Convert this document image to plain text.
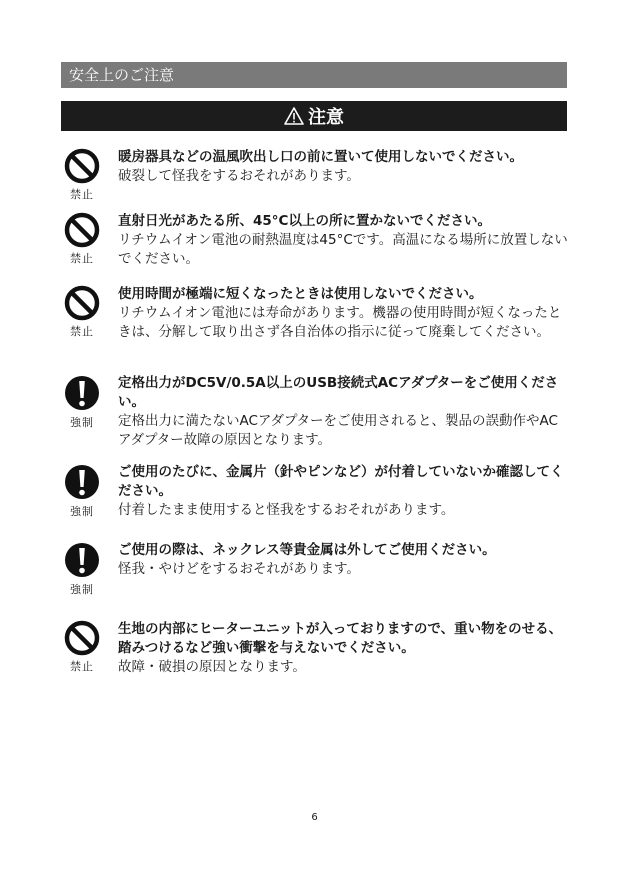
安全上のご注意
注意
禁止

暖房器具などの温風吹出し口の前に置いて使用しないでください。

破裂して怪我をするおそれがあります。

禁止

直射日光があたる所、45°C以上の所に置かないでください。

リチウムイオン電池の耐熱温度は45°Cです。高温になる場所に放置しないでください。

禁止

使用時間が極端に短くなったときは使用しないでください。

リチウムイオン電池には寿命があります。機器の使用時間が短くなったときは、分解して取り出さず各自治体の指示に従って廃棄してください。

強制

定格出力がDC5V/0.5A以上のUSB接続式ACアダプターをご使用ください。

定格出力に満たないACアダプターをご使用されると、製品の誤動作やACアダプター故障の原因となります。

強制

ご使用のたびに、金属片（針やピンなど）が付着していないか確認してください。

付着したまま使用すると怪我をするおそれがあります。

強制

ご使用の際は、ネックレス等貴金属は外してご使用ください。

怪我・やけどをするおそれがあります。

禁止

生地の内部にヒーターユニットが入っておりますので、重い物をのせる、踏みつけるなど強い衝撃を与えないでください。

故障・破損の原因となります。

6
